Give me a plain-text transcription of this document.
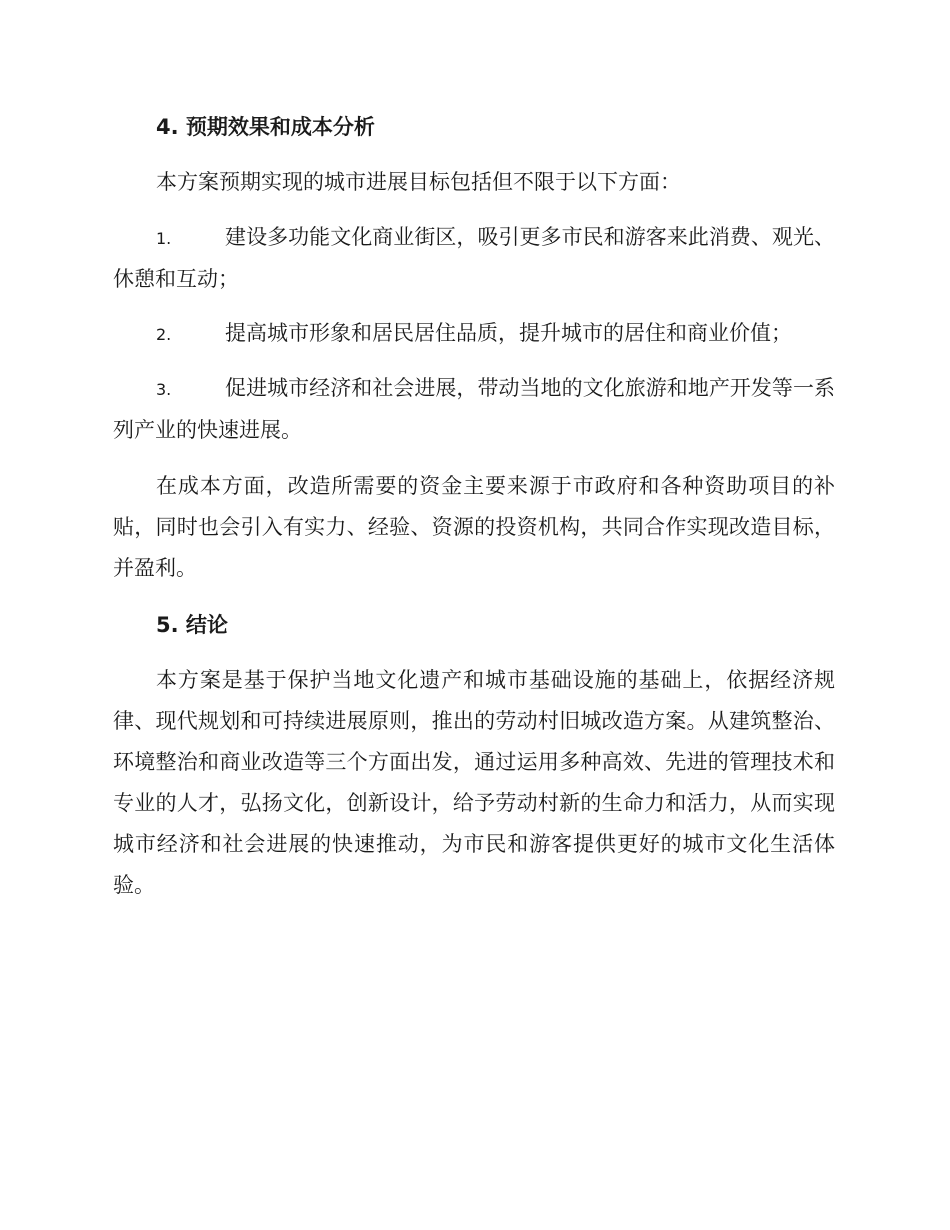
4. 预期效果和成本分析

本方案预期实现的城市进展目标包括但不限于以下方面：

1.	建设多功能文化商业街区，吸引更多市民和游客来此消费、观光、休憩和互动；

2.	提高城市形象和居民居住品质，提升城市的居住和商业价值；

3.	促进城市经济和社会进展，带动当地的文化旅游和地产开发等一系列产业的快速进展。

在成本方面，改造所需要的资金主要来源于市政府和各种资助项目的补贴，同时也会引入有实力、经验、资源的投资机构，共同合作实现改造目标，并盈利。

5. 结论

本方案是基于保护当地文化遗产和城市基础设施的基础上，依据经济规律、现代规划和可持续进展原则，推出的劳动村旧城改造方案。从建筑整治、环境整治和商业改造等三个方面出发，通过运用多种高效、先进的管理技术和专业的人才，弘扬文化，创新设计，给予劳动村新的生命力和活力，从而实现城市经济和社会进展的快速推动，为市民和游客提供更好的城市文化生活体验。
